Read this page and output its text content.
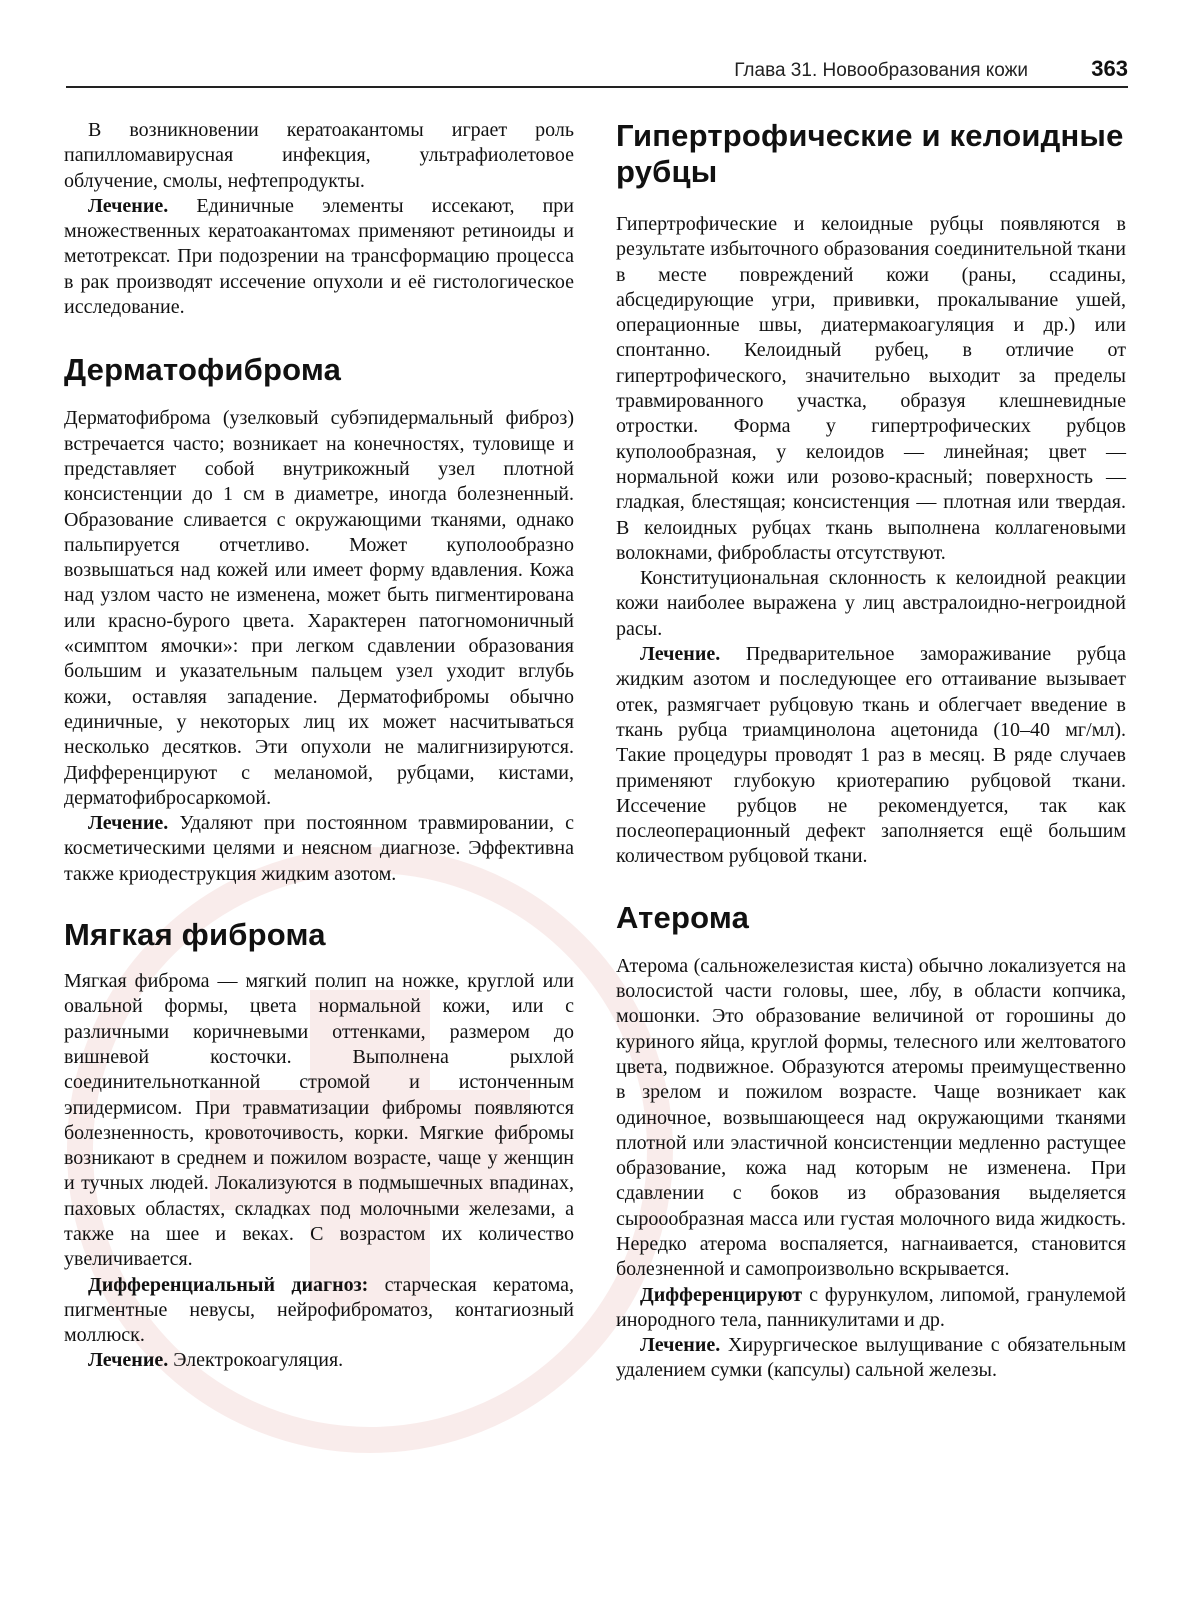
Глава 31. Новообразования кожи	363

В возникновении кератоакантомы играет роль папилломавирусная инфекция, ультрафиолетовое облучение, смолы, нефтепродукты.

Лечение. Единичные элементы иссекают, при множественных кератоакантомах применяют ретиноиды и метотрексат. При подозрении на трансформацию процесса в рак производят иссечение опухоли и её гистологическое исследование.

Дерматофиброма

Дерматофиброма (узелковый субэпидермальный фиброз) встречается часто; возникает на конечностях, туловище и представляет собой внутрикожный узел плотной консистенции до 1 см в диаметре, иногда болезненный. Образование сливается с окружающими тканями, однако пальпируется отчетливо. Может куполообразно возвышаться над кожей или имеет форму вдавления. Кожа над узлом часто не изменена, может быть пигментирована или красно-бурого цвета. Характерен патогномоничный «симптом ямочки»: при легком сдавлении образования большим и указательным пальцем узел уходит вглубь кожи, оставляя западение. Дерматофибромы обычно единичные, у некоторых лиц их может насчитываться несколько десятков. Эти опухоли не малигнизируются. Дифференцируют с меланомой, рубцами, кистами, дерматофибросаркомой.

Лечение. Удаляют при постоянном травмировании, с косметическими целями и неясном диагнозе. Эффективна также криодеструкция жидким азотом.

Мягкая фиброма

Мягкая фиброма — мягкий полип на ножке, круглой или овальной формы, цвета нормальной кожи, или с различными коричневыми оттенками, размером до вишневой косточки. Выполнена рыхлой соединительнотканной стромой и истонченным эпидермисом. При травматизации фибромы появляются болезненность, кровоточивость, корки. Мягкие фибромы возникают в среднем и пожилом возрасте, чаще у женщин и тучных людей. Локализуются в подмышечных впадинах, паховых областях, складках под молочными железами, а также на шее и веках. С возрастом их количество увеличивается.

Дифференциальный диагноз: старческая кератома, пигментные невусы, нейрофиброматоз, контагиозный моллюск.

Лечение. Электрокоагуляция.

Гипертрофические и келоидные рубцы

Гипертрофические и келоидные рубцы появляются в результате избыточного образования соединительной ткани в месте повреждений кожи (раны, ссадины, абсцедирующие угри, прививки, прокалывание ушей, операционные швы, диатермакоагуляция и др.) или спонтанно. Келоидный рубец, в отличие от гипертрофического, значительно выходит за пределы травмированного участка, образуя клешневидные отростки. Форма у гипертрофических рубцов куполообразная, у келоидов — линейная; цвет — нормальной кожи или розово-красный; поверхность — гладкая, блестящая; консистенция — плотная или твердая. В келоидных рубцах ткань выполнена коллагеновыми волокнами, фибробласты отсутствуют.

Конституциональная склонность к келоидной реакции кожи наиболее выражена у лиц австралоидно-негроидной расы.

Лечение. Предварительное замораживание рубца жидким азотом и последующее его оттаивание вызывает отек, размягчает рубцовую ткань и облегчает введение в ткань рубца триамцинолона ацетонида (10–40 мг/мл). Такие процедуры проводят 1 раз в месяц. В ряде случаев применяют глубокую криотерапию рубцовой ткани. Иссечение рубцов не рекомендуется, так как послеоперационный дефект заполняется ещё большим количеством рубцовой ткани.

Атерома

Атерома (сальножелезистая киста) обычно локализуется на волосистой части головы, шее, лбу, в области копчика, мошонки. Это образование величиной от горошины до куриного яйца, круглой формы, телесного или желтоватого цвета, подвижное. Образуются атеромы преимущественно в зрелом и пожилом возрасте. Чаще возникает как одиночное, возвышающееся над окружающими тканями плотной или эластичной консистенции медленно растущее образование, кожа над которым не изменена. При сдавлении с боков из образования выделяется сыроообразная масса или густая молочного вида жидкость. Нередко атерома воспаляется, нагнаивается, становится болезненной и самопроизвольно вскрывается.

Дифференцируют с фурункулом, липомой, гранулемой инородного тела, панникулитами и др.

Лечение. Хирургическое вылущивание с обязательным удалением сумки (капсулы) сальной железы.
